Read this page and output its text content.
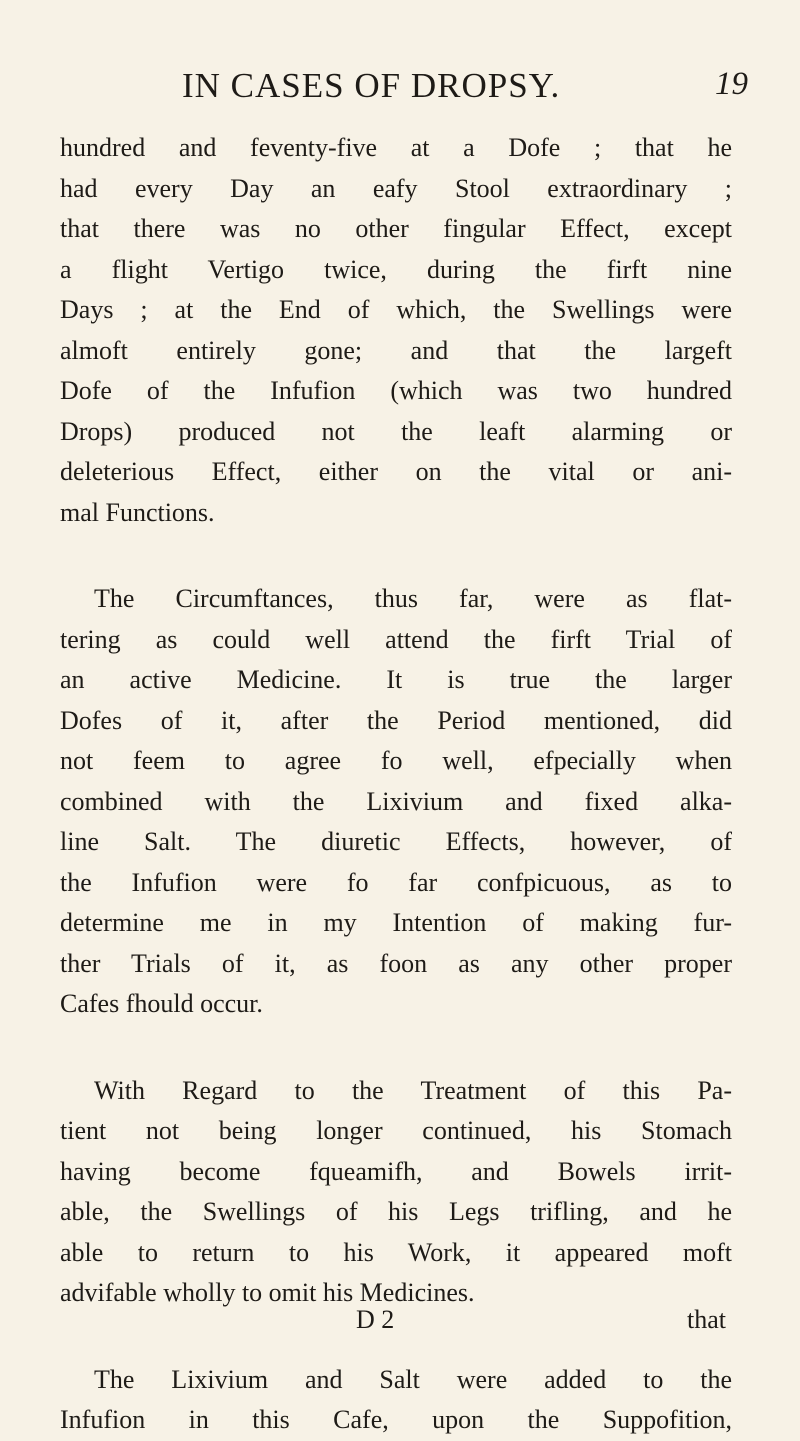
IN CASES OF DROPSY.	19

hundred and feventy-five at a Dofe ; that he
had every Day an eafy Stool extraordinary ;
that there was no other fingular Effect, except
a flight Vertigo twice, during the firft nine
Days ; at the End of which, the Swellings were
almoft entirely gone; and that the largeft
Dofe of the Infufion (which was two hundred
Drops) produced not the leaft alarming or
deleterious Effect, either on the vital or ani-
mal Functions.

The Circumftances, thus far, were as flat-
tering as could well attend the firft Trial of
an active Medicine. It is true the larger
Dofes of it, after the Period mentioned, did
not feem to agree fo well, efpecially when
combined with the Lixivium and fixed alka-
line Salt. The diuretic Effects, however, of
the Infufion were fo far confpicuous, as to
determine me in my Intention of making fur-
ther Trials of it, as foon as any other proper
Cafes fhould occur.

With Regard to the Treatment of this Pa-
tient not being longer continued, his Stomach
having become fqueamifh, and Bowels irrit-
able, the Swellings of his Legs trifling, and he
able to return to his Work, it appeared moft
advifable wholly to omit his Medicines.

The Lixivium and Salt were added to the
Infufion in this Cafe, upon the Suppofition,

D 2	that
